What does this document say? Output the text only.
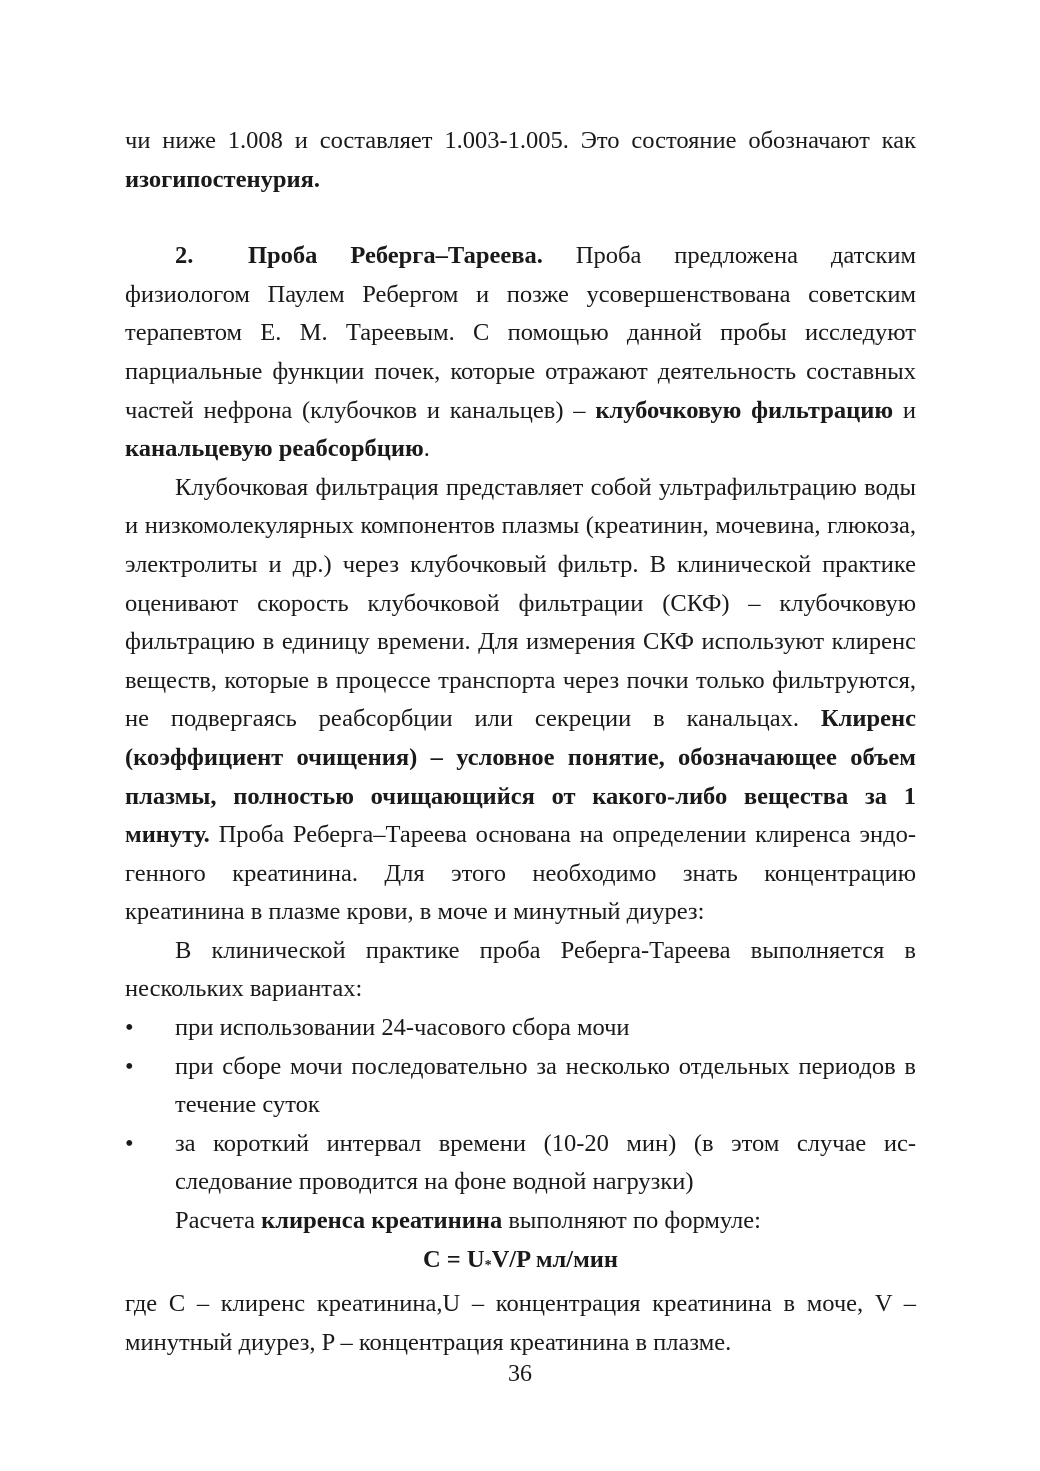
чи ниже 1.008 и составляет 1.003-1.005. Это состояние обозначают как изогипостенурия.

2. Проба Реберга–Тареева. Проба предложена датским физиологом Паулем Ребергом и позже усовершенствована советским терапевтом Е. М. Тареевым. С помощью данной пробы исследуют парциальные функции почек, которые отражают деятельность составных частей нефрона (клубочков и канальцев) – клубочковую фильтрацию и канальцевую реабсорбцию.

Клубочковая фильтрация представляет собой ультрафильтрацию воды и низкомолекулярных компонентов плазмы (креатинин, мочевина, глюкоза, электролиты и др.) через клубочковый фильтр. В клинической практике оценивают скорость клубочковой фильтрации (СКФ) – клубочковую фильтрацию в единицу времени. Для измерения СКФ используют клиренс веществ, которые в процессе транспорта через почки только фильтруются, не подвергаясь реабсорбции или секреции в канальцах. Клиренс (коэффициент очищения) – условное понятие, обозначающее объем плазмы, полностью очищающийся от какого-либо вещества за 1 минуту. Проба Реберга–Тареева основана на определении клиренса эндогенного креатинина. Для этого необходимо знать концентрацию креатинина в плазме крови, в моче и минутный диурез:

В клинической практике проба Реберга-Тареева выполняется в нескольких вариантах:

• при использовании 24-часового сбора мочи
• при сборе мочи последовательно за несколько отдельных периодов в течение суток
• за короткий интервал времени (10-20 мин) (в этом случае исследование проводится на фоне водной нагрузки)

Расчета клиренса креатинина выполняют по формуле:

C = U*V/P мл/мин

где С – клиренс креатинина,U – концентрация креатинина в моче, V – минутный диурез, P – концентрация креатинина в плазме.

36
